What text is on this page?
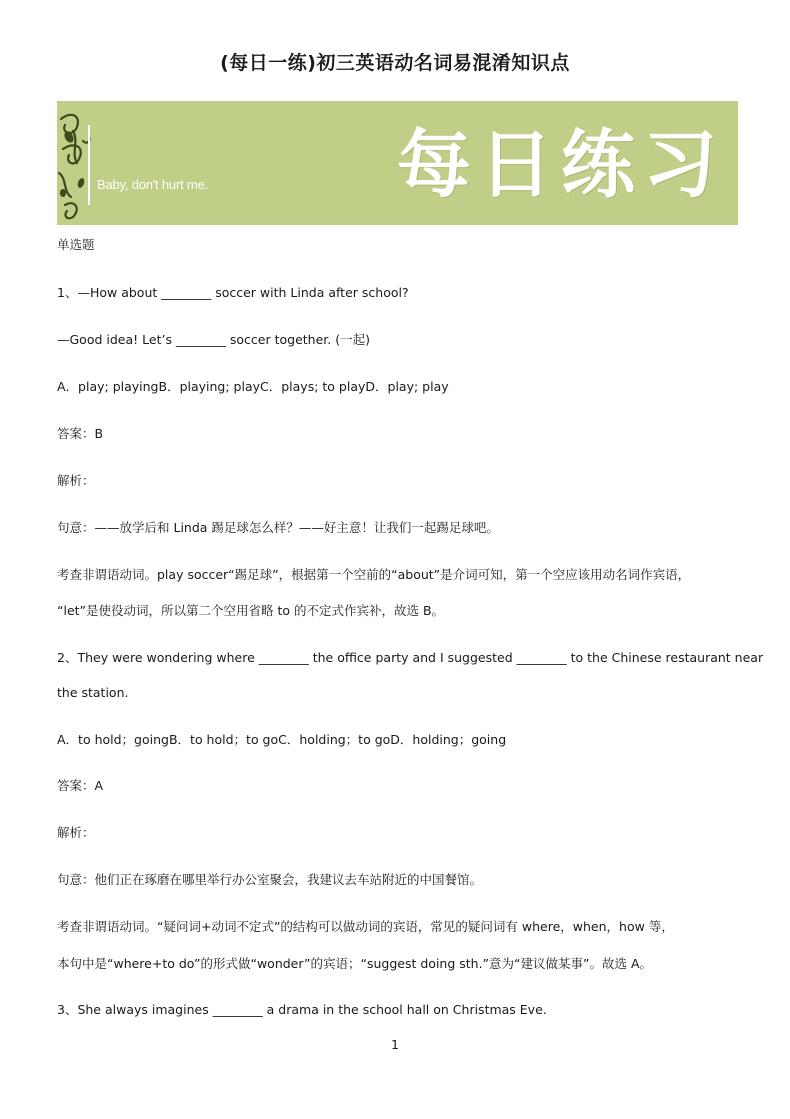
(每日一练)初三英语动名词易混淆知识点
Baby, don't hurt me.	每日练习
单选题
1、—How about ________ soccer with Linda after school?
—Good idea! Let’s ________ soccer together. (一起)
A．play; playingB．playing; playC．plays; to playD．play; play
答案：B
解析：
句意：——放学后和 Linda 踢足球怎么样？——好主意！让我们一起踢足球吧。
考查非谓语动词。play soccer“踢足球”，根据第一个空前的“about”是介词可知，第一个空应该用动名词作宾语，
“let”是使役动词，所以第二个空用省略 to 的不定式作宾补，故选 B。
2、They were wondering where ________ the office party and I suggested ________ to the Chinese restaurant near
the station.
A．to hold；goingB．to hold；to goC．holding；to goD．holding；going
答案：A
解析：
句意：他们正在琢磨在哪里举行办公室聚会，我建议去车站附近的中国餐馆。
考查非谓语动词。“疑问词+动词不定式”的结构可以做动词的宾语，常见的疑问词有 where，when，how 等，
本句中是“where+to do”的形式做“wonder”的宾语；“suggest doing sth.”意为“建议做某事”。故选 A。
3、She always imagines ________ a drama in the school hall on Christmas Eve.
1
